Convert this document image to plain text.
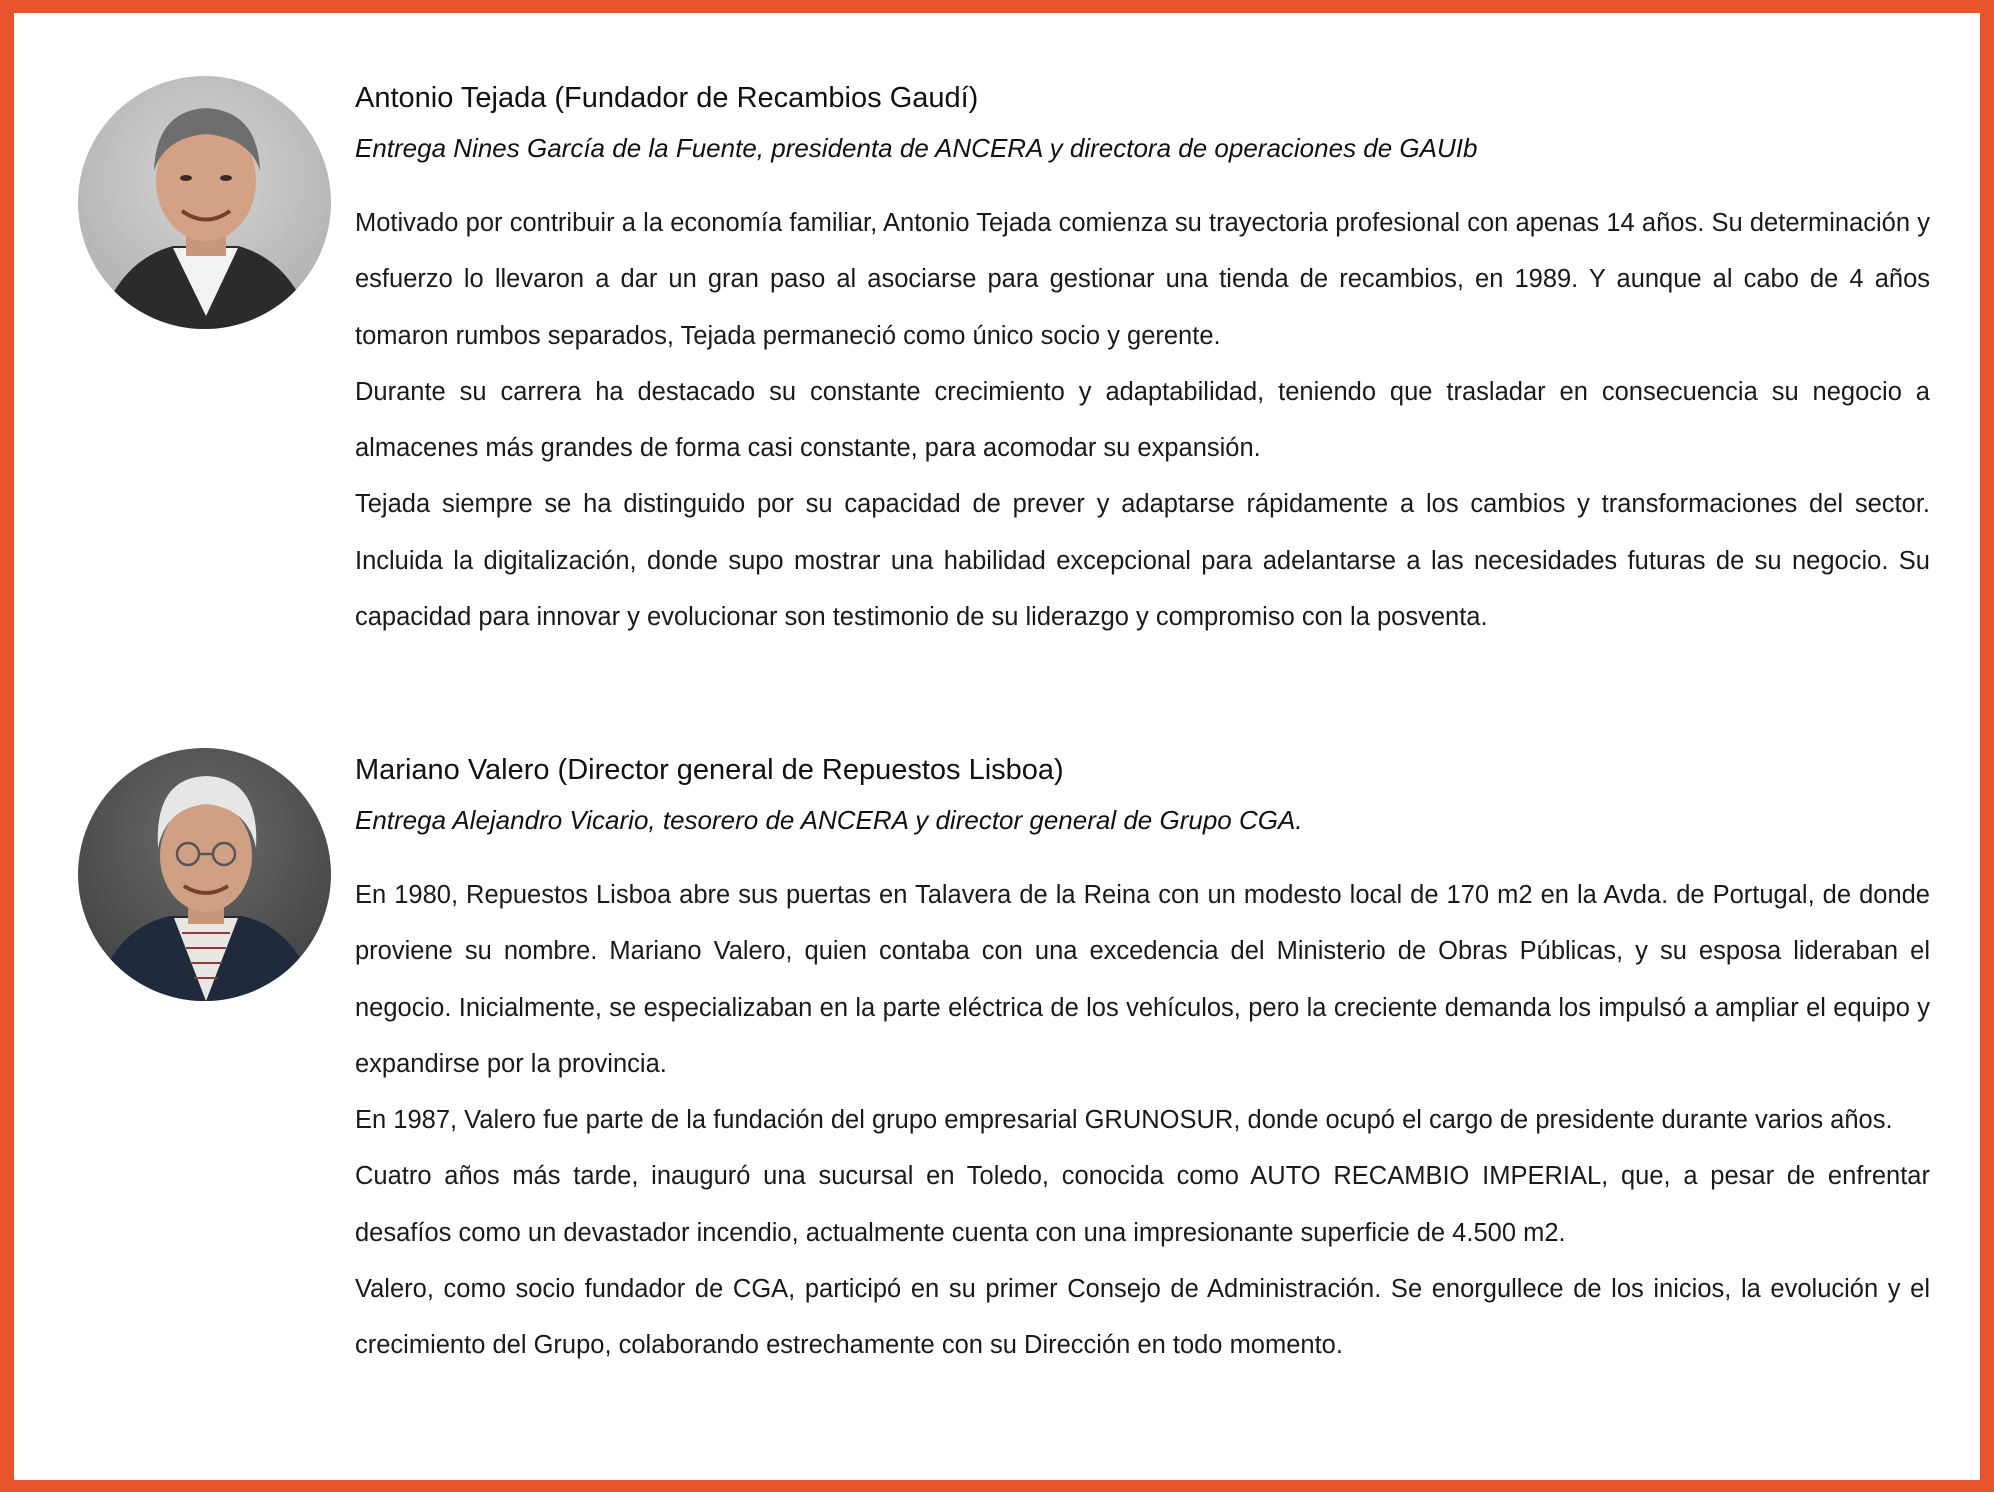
Antonio Tejada (Fundador de Recambios Gaudí)
Entrega Nines García de la Fuente, presidenta de ANCERA y directora de operaciones de GAUIb

Motivado por contribuir a la economía familiar, Antonio Tejada comienza su trayectoria profesional con apenas 14 años. Su determinación y esfuerzo lo llevaron a dar un gran paso al asociarse para gestionar una tienda de recambios, en 1989. Y aunque al cabo de 4 años tomaron rumbos separados, Tejada permaneció como único socio y gerente.

Durante su carrera ha destacado su constante crecimiento y adaptabilidad, teniendo que trasladar en consecuencia su negocio a almacenes más grandes de forma casi constante, para acomodar su expansión.

Tejada siempre se ha distinguido por su capacidad de prever y adaptarse rápidamente a los cambios y transformaciones del sector. Incluida la digitalización, donde supo mostrar una habilidad excepcional para adelantarse a las necesidades futuras de su negocio. Su capacidad para innovar y evolucionar son testimonio de su liderazgo y compromiso con la posventa.

Mariano Valero (Director general de Repuestos Lisboa)
Entrega Alejandro Vicario, tesorero de ANCERA y director general de Grupo CGA.

En 1980, Repuestos Lisboa abre sus puertas en Talavera de la Reina con un modesto local de 170 m2 en la Avda. de Portugal, de donde proviene su nombre. Mariano Valero, quien contaba con una excedencia del Ministerio de Obras Públicas, y su esposa lideraban el negocio. Inicialmente, se especializaban en la parte eléctrica de los vehículos, pero la creciente demanda los impulsó a ampliar el equipo y expandirse por la provincia.

En 1987, Valero fue parte de la fundación del grupo empresarial GRUNOSUR, donde ocupó el cargo de presidente durante varios años.

Cuatro años más tarde, inauguró una sucursal en Toledo, conocida como AUTO RECAMBIO IMPERIAL, que, a pesar de enfrentar desafíos como un devastador incendio, actualmente cuenta con una impresionante superficie de 4.500 m2.

Valero, como socio fundador de CGA, participó en su primer Consejo de Administración. Se enorgullece de los inicios, la evolución y el crecimiento del Grupo, colaborando estrechamente con su Dirección en todo momento.
